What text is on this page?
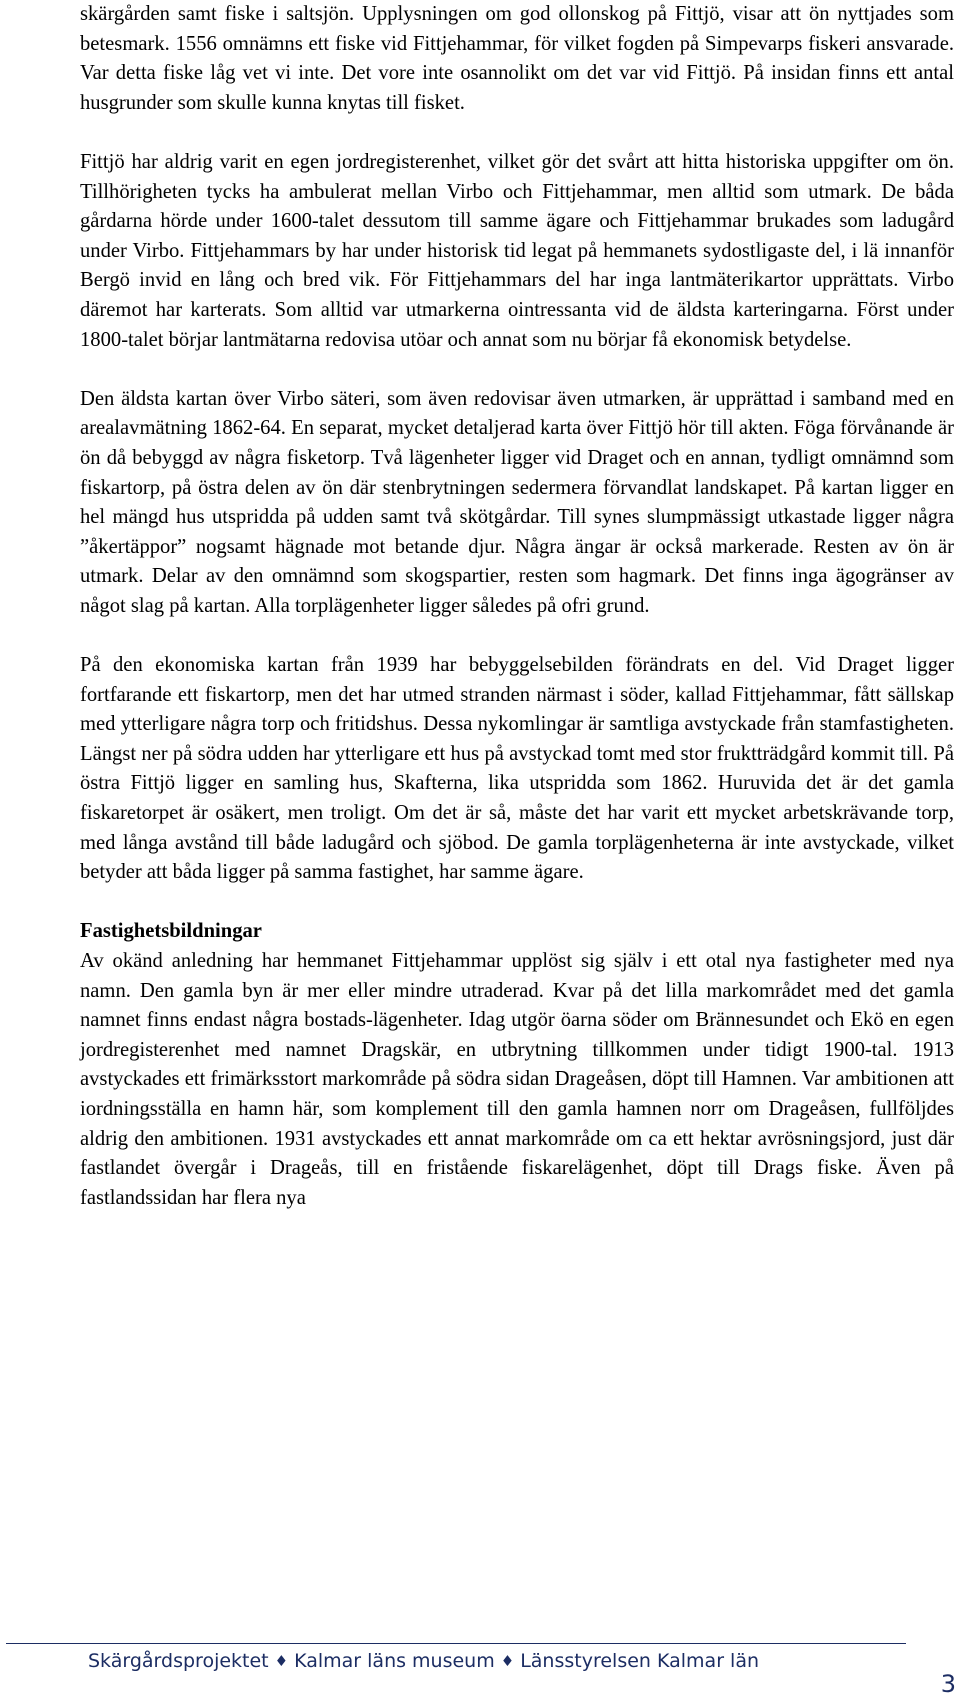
skärgården samt fiske i saltsjön. Upplysningen om god ollonskog på Fittjö, visar att ön nyttjades som betesmark. 1556 omnämns ett fiske vid Fittjehammar, för vilket fogden på Simpevarps fiskeri ansvarade. Var detta fiske låg vet vi inte. Det vore inte osannolikt om det var vid Fittjö. På insidan finns ett antal husgrunder som skulle kunna knytas till fisket.

Fittjö har aldrig varit en egen jordregisterenhet, vilket gör det svårt att hitta historiska uppgifter om ön. Tillhörigheten tycks ha ambulerat mellan Virbo och Fittjehammar, men alltid som utmark. De båda gårdarna hörde under 1600-talet dessutom till samme ägare och Fittjehammar brukades som ladugård under Virbo. Fittjehammars by har under historisk tid legat på hemmanets sydostligaste del, i lä innanför Bergö invid en lång och bred vik. För Fittjehammars del har inga lantmäterikartor upprättats. Virbo däremot har karterats. Som alltid var utmarkerna ointressanta vid de äldsta karteringarna. Först under 1800-talet börjar lantmätarna redovisa utöar och annat som nu börjar få ekonomisk betydelse.

Den äldsta kartan över Virbo säteri, som även redovisar även utmarken, är upprättad i samband med en arealavmätning 1862-64. En separat, mycket detaljerad karta över Fittjö hör till akten. Föga förvånande är ön då bebyggd av några fisketorp. Två lägenheter ligger vid Draget och en annan, tydligt omnämnd som fiskartorp, på östra delen av ön där stenbrytningen sedermera förvandlat landskapet. På kartan ligger en hel mängd hus utspridda på udden samt två skötgårdar. Till synes slumpmässigt utkastade ligger några ”åkertäppor” nogsamt hägnade mot betande djur. Några ängar är också markerade. Resten av ön är utmark. Delar av den omnämnd som skogspartier, resten som hagmark. Det finns inga ägogränser av något slag på kartan. Alla torplägenheter ligger således på ofri grund.

På den ekonomiska kartan från 1939 har bebyggelsebilden förändrats en del. Vid Draget ligger fortfarande ett fiskartorp, men det har utmed stranden närmast i söder, kallad Fittjehammar, fått sällskap med ytterligare några torp och fritidshus. Dessa nykomlingar är samtliga avstyckade från stamfastigheten. Längst ner på södra udden har ytterligare ett hus på avstyckad tomt med stor fruktträdgård kommit till. På östra Fittjö ligger en samling hus, Skafterna, lika utspridda som 1862. Huruvida det är det gamla fiskaretorpet är osäkert, men troligt. Om det är så, måste det har varit ett mycket arbetskrävande torp, med långa avstånd till både ladugård och sjöbod. De gamla torplägenheterna är inte avstyckade, vilket betyder att båda ligger på samma fastighet, har samme ägare.

Fastighetsbildningar

Av okänd anledning har hemmanet Fittjehammar upplöst sig själv i ett otal nya fastigheter med nya namn. Den gamla byn är mer eller mindre utraderad. Kvar på det lilla markområdet med det gamla namnet finns endast några bostads-lägenheter. Idag utgör öarna söder om Brännesundet och Ekö en egen jordregisterenhet med namnet Dragskär, en utbrytning tillkommen under tidigt 1900-tal. 1913 avstyckades ett frimärksstort markområde på södra sidan Drageåsen, döpt till Hamnen. Var ambitionen att iordningsställa en hamn här, som komplement till den gamla hamnen norr om Drageåsen, fullföljdes aldrig den ambitionen. 1931 avstyckades ett annat markområde om ca ett hektar avrösningsjord, just där fastlandet övergår i Drageås, till en fristående fiskarelägenhet, döpt till Drags fiske. Även på fastlandssidan har flera nya

Skärgårdsprojektet ♦ Kalmar läns museum ♦ Länsstyrelsen Kalmar län
3
